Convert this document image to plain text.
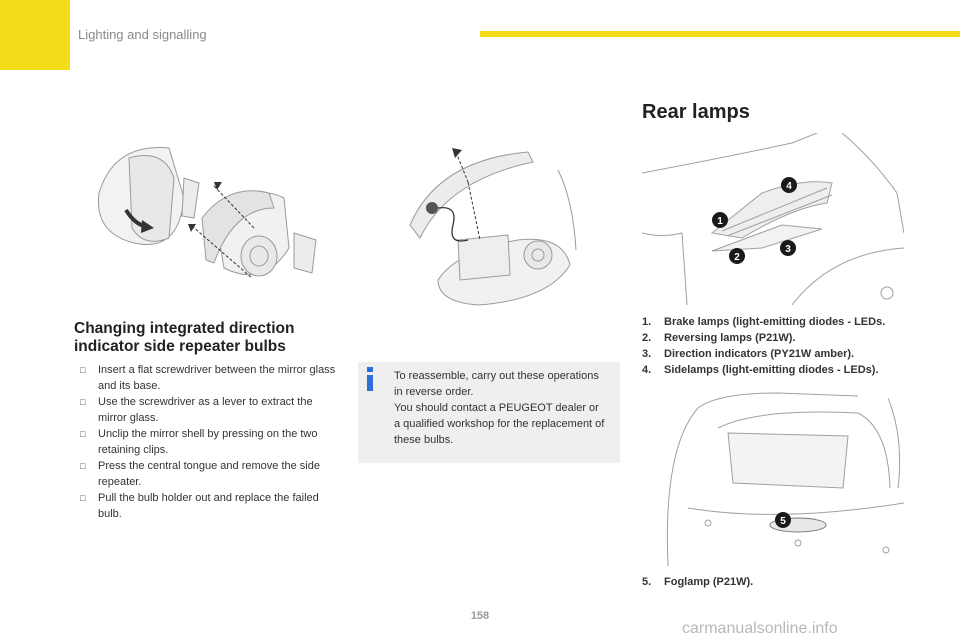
Lighting and signalling
1
2
3
4
5
Rear lamps
1. Brake lamps (light-emitting diodes - LEDs.
2. Reversing lamps (P21W).
3. Direction indicators (PY21W amber).
4. Sidelamps (light-emitting diodes - LEDs).
5. Foglamp (P21W).
Changing integrated direction indicator side repeater bulbs
□ Insert a flat screwdriver between the mirror glass and its base.
□ Use the screwdriver as a lever to extract the mirror glass.
□ Unclip the mirror shell by pressing on the two retaining clips.
□ Press the central tongue and remove the side repeater.
□ Pull the bulb holder out and replace the failed bulb.

To reassemble, carry out these operations in reverse order.

You should contact a PEUGEOT dealer or a qualified workshop for the replacement of these bulbs.

158
carmanualsonline.info
